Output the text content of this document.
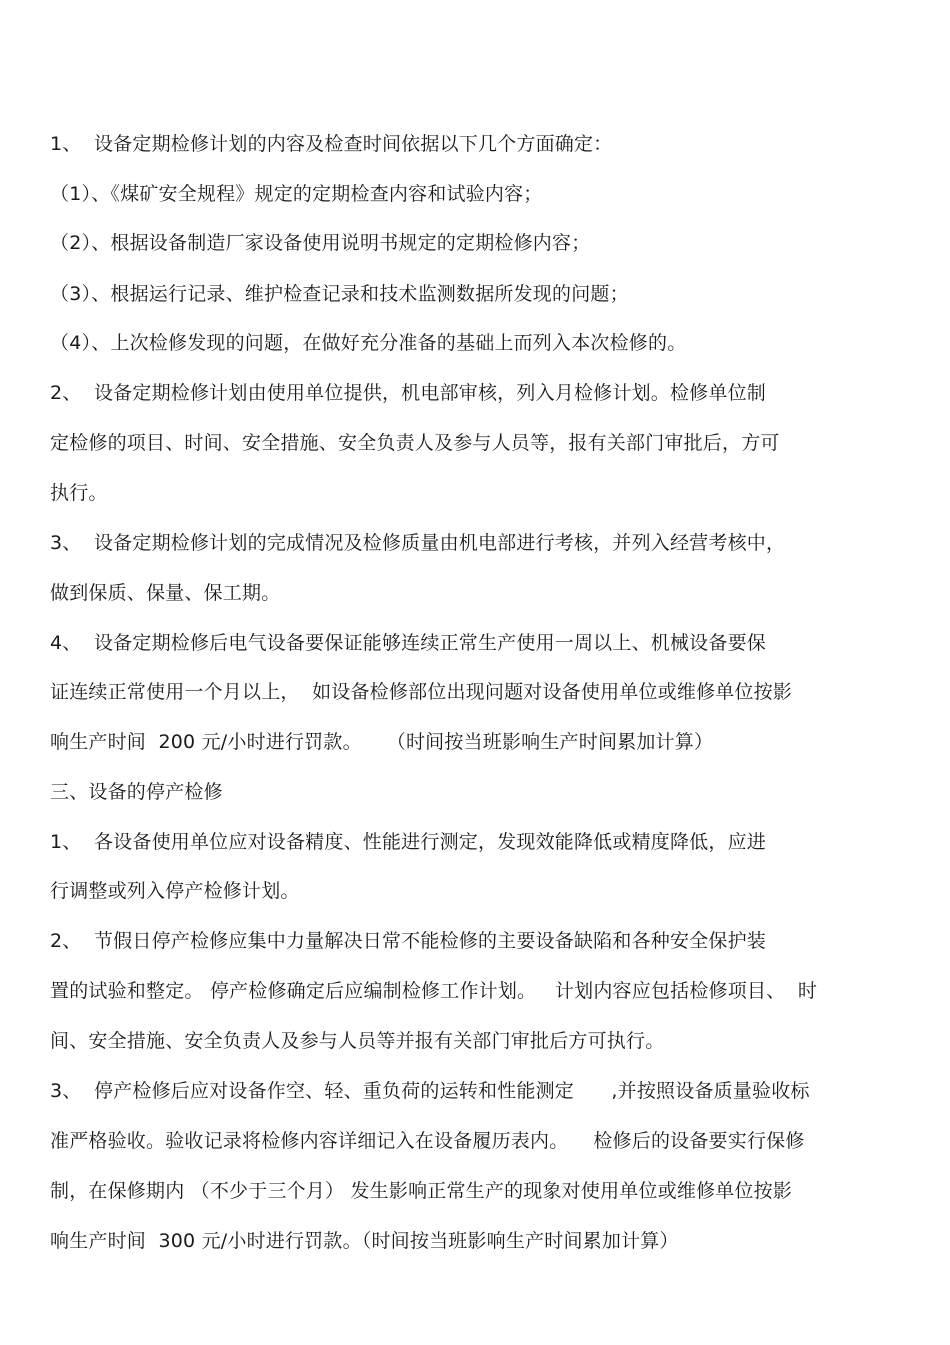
1、  设备定期检修计划的内容及检查时间依据以下几个方面确定：
（1）、《煤矿安全规程》规定的定期检查内容和试验内容；
（2）、根据设备制造厂家设备使用说明书规定的定期检修内容；
（3）、根据运行记录、维护检查记录和技术监测数据所发现的问题；
（4）、上次检修发现的问题，在做好充分准备的基础上而列入本次检修的。
2、  设备定期检修计划由使用单位提供，机电部审核，列入月检修计划。检修单位制
定检修的项目、时间、安全措施、安全负责人及参与人员等，报有关部门审批后，方可
执行。
3、  设备定期检修计划的完成情况及检修质量由机电部进行考核，并列入经营考核中，
做到保质、保量、保工期。
4、  设备定期检修后电气设备要保证能够连续正常生产使用一周以上、机械设备要保
证连续正常使用一个月以上，  如设备检修部位出现问题对设备使用单位或维修单位按影
响生产时间  200 元/小时进行罚款。    （时间按当班影响生产时间累加计算）
三、设备的停产检修
1、  各设备使用单位应对设备精度、性能进行测定，发现效能降低或精度降低，应进
行调整或列入停产检修计划。
2、  节假日停产检修应集中力量解决日常不能检修的主要设备缺陷和各种安全保护装
置的试验和整定。 停产检修确定后应编制检修工作计划。   计划内容应包括检修项目、  时
间、安全措施、安全负责人及参与人员等并报有关部门审批后方可执行。
3、  停产检修后应对设备作空、轻、重负荷的运转和性能测定      ,并按照设备质量验收标
准严格验收。验收记录将检修内容详细记入在设备履历表内。    检修后的设备要实行保修
制，在保修期内 （不少于三个月） 发生影响正常生产的现象对使用单位或维修单位按影
响生产时间  300 元/小时进行罚款。（时间按当班影响生产时间累加计算）
